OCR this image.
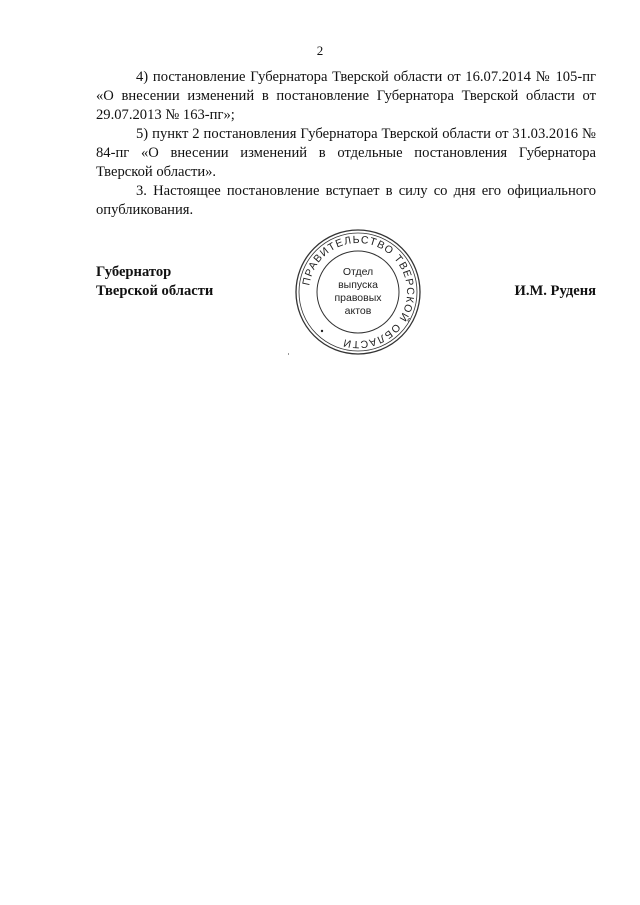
2

4) постановление Губернатора Тверской области от 16.07.2014 № 105-пг «О внесении изменений в постановление Губернатора Тверской области от 29.07.2013 № 163-пг»;

5) пункт 2 постановления Губернатора Тверской области от 31.03.2016 № 84-пг «О внесении изменений в отдельные постановления Губернатора Тверской области».

3. Настоящее постановление вступает в силу со дня его официального опубликования.

Губернатор
Тверской области	И.М. Руденя
ПРАВИТЕЛЬСТВО ТВЕРСКОЙ ОБЛАСТИ
Отдел
выпуска
правовых
актов
